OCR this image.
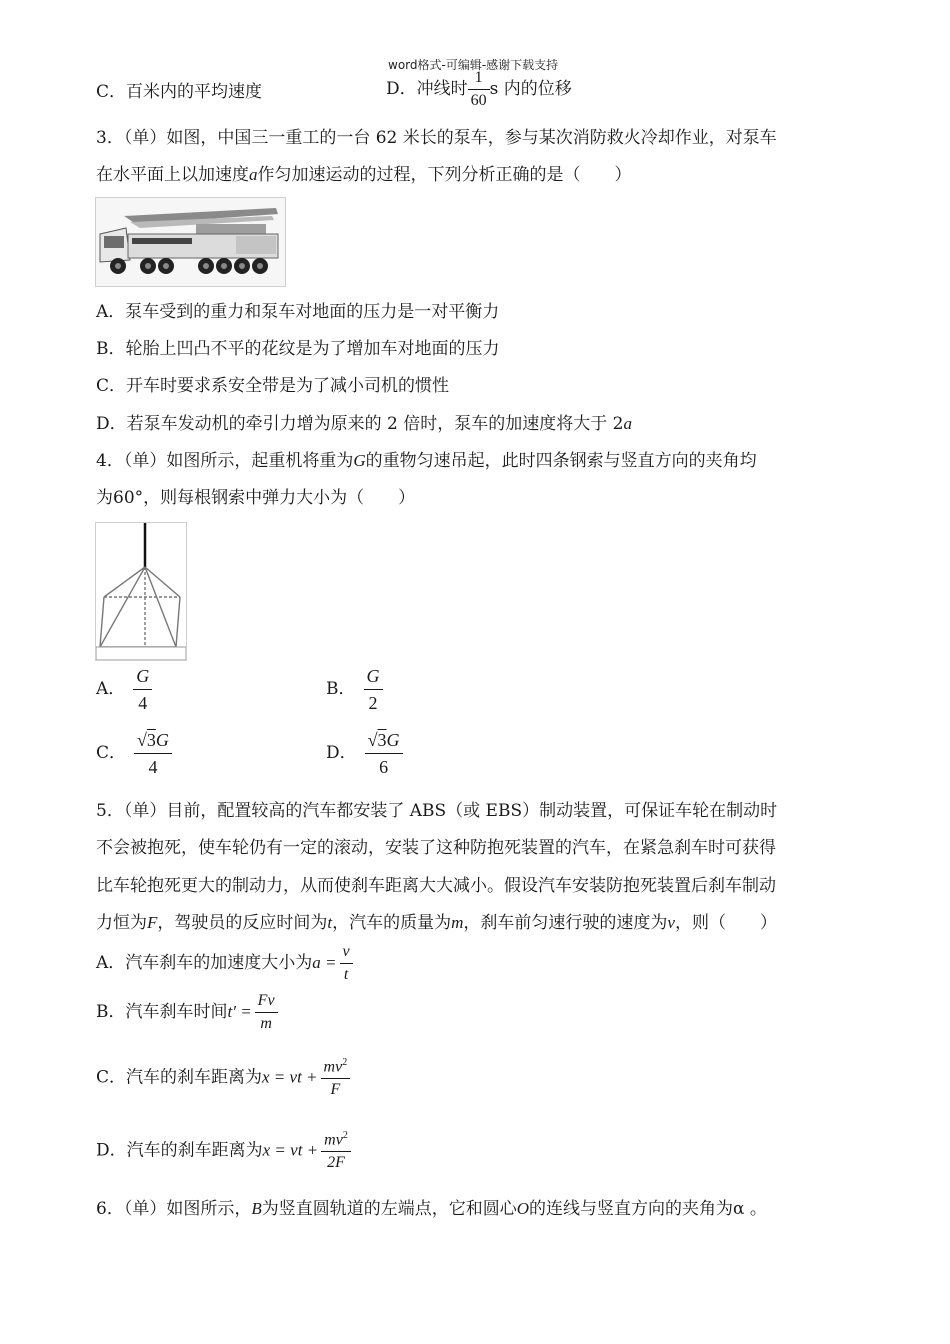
word格式-可编辑-感谢下载支持
C．百米内的平均速度	D．冲线时 $\frac{1}{60}$ s 内的位移
3．（单）如图，中国三一重工的一台 62 米长的泵车，参与某次消防救火冷却作业，对泵车
在水平面上以加速度a作匀加速运动的过程，下列分析正确的是（　　）
A．泵车受到的重力和泵车对地面的压力是一对平衡力
B．轮胎上凹凸不平的花纹是为了增加车对地面的压力
C．开车时要求系安全带是为了减小司机的惯性
D．若泵车发动机的牵引力增为原来的 2 倍时，泵车的加速度将大于 2a
4．（单）如图所示，起重机将重为G的重物匀速吊起，此时四条钢索与竖直方向的夹角均
为60°，则每根钢索中弹力大小为（　　）
A． $\frac{G}{4}$	B． $\frac{G}{2}$
C． $\frac{√3G}{4}$	D． $\frac{√3G}{6}$
5．（单）目前，配置较高的汽车都安装了 ABS（或 EBS）制动装置，可保证车轮在制动时
不会被抱死，使车轮仍有一定的滚动，安装了这种防抱死装置的汽车，在紧急刹车时可获得
比车轮抱死更大的制动力，从而使刹车距离大大减小。假设汽车安装防抱死装置后刹车制动
力恒为F，驾驶员的反应时间为t，汽车的质量为m，刹车前匀速行驶的速度为v，则（　　）
A．汽车刹车的加速度大小为$a = \frac{v}{t}$
B．汽车刹车时间$t' = \frac{Fv}{m}$
C．汽车的刹车距离为x = vt + $\frac{mv^2}{F}$
D．汽车的刹车距离为x = vt + $\frac{mv^2}{2F}$
6．（单）如图所示，B为竖直圆轨道的左端点，它和圆心O的连线与竖直方向的夹角为α 。
